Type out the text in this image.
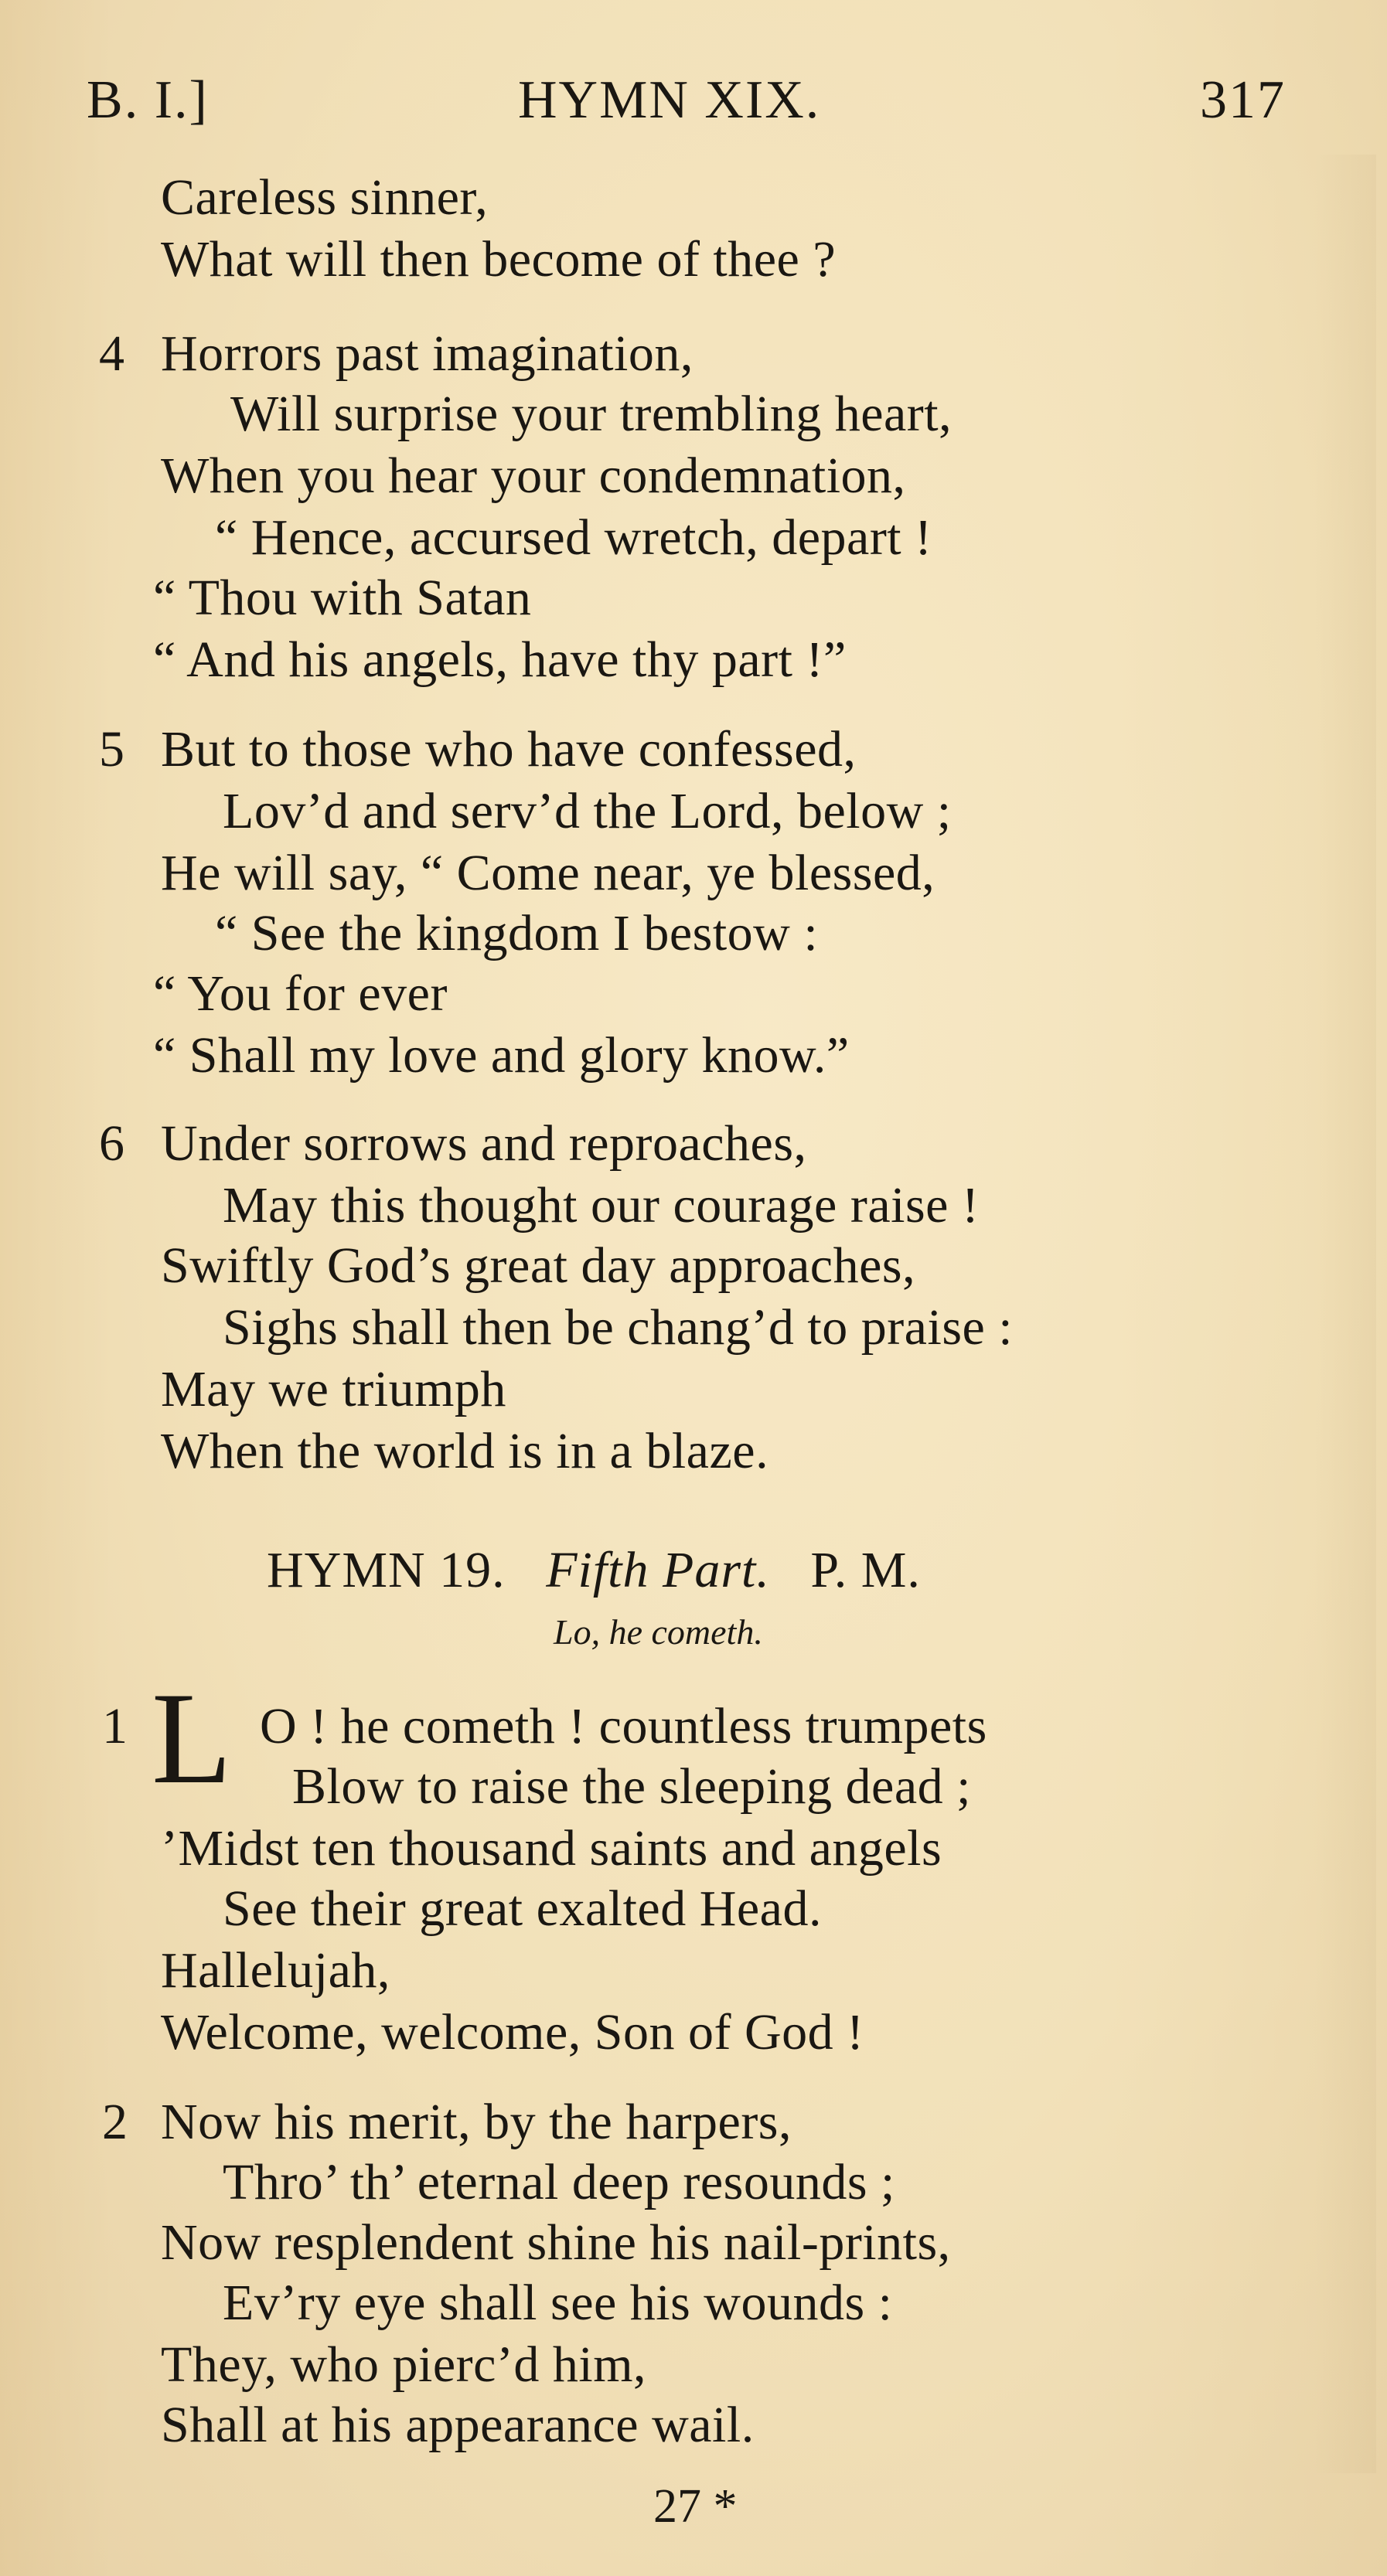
B. I.]	HYMN XIX.	317
Careless sinner,
What will then become of thee ?
4 Horrors past imagination,
Will surprise your trembling heart,
When you hear your condemnation,
“ Hence, accursed wretch, depart !
“ Thou with Satan
“ And his angels, have thy part !”
5 But to those who have confessed,
Lov’d and serv’d the Lord, below ;
He will say, “ Come near, ye blessed,
“ See the kingdom I bestow :
“ You for ever
“ Shall my love and glory know.”
6 Under sorrows and reproaches,
May this thought our courage raise !
Swiftly God’s great day approaches,
Sighs shall then be chang’d to praise :
May we triumph
When the world is in a blaze.
HYMN 19. Fifth Part. P. M.
Lo, he cometh.
1 L O ! he cometh ! countless trumpets
Blow to raise the sleeping dead ;
’Midst ten thousand saints and angels
See their great exalted Head.
Hallelujah,
Welcome, welcome, Son of God !
2 Now his merit, by the harpers,
Thro’ th’ eternal deep resounds ;
Now resplendent shine his nail-prints,
Ev’ry eye shall see his wounds :
They, who pierc’d him,
Shall at his appearance wail.
27 *
